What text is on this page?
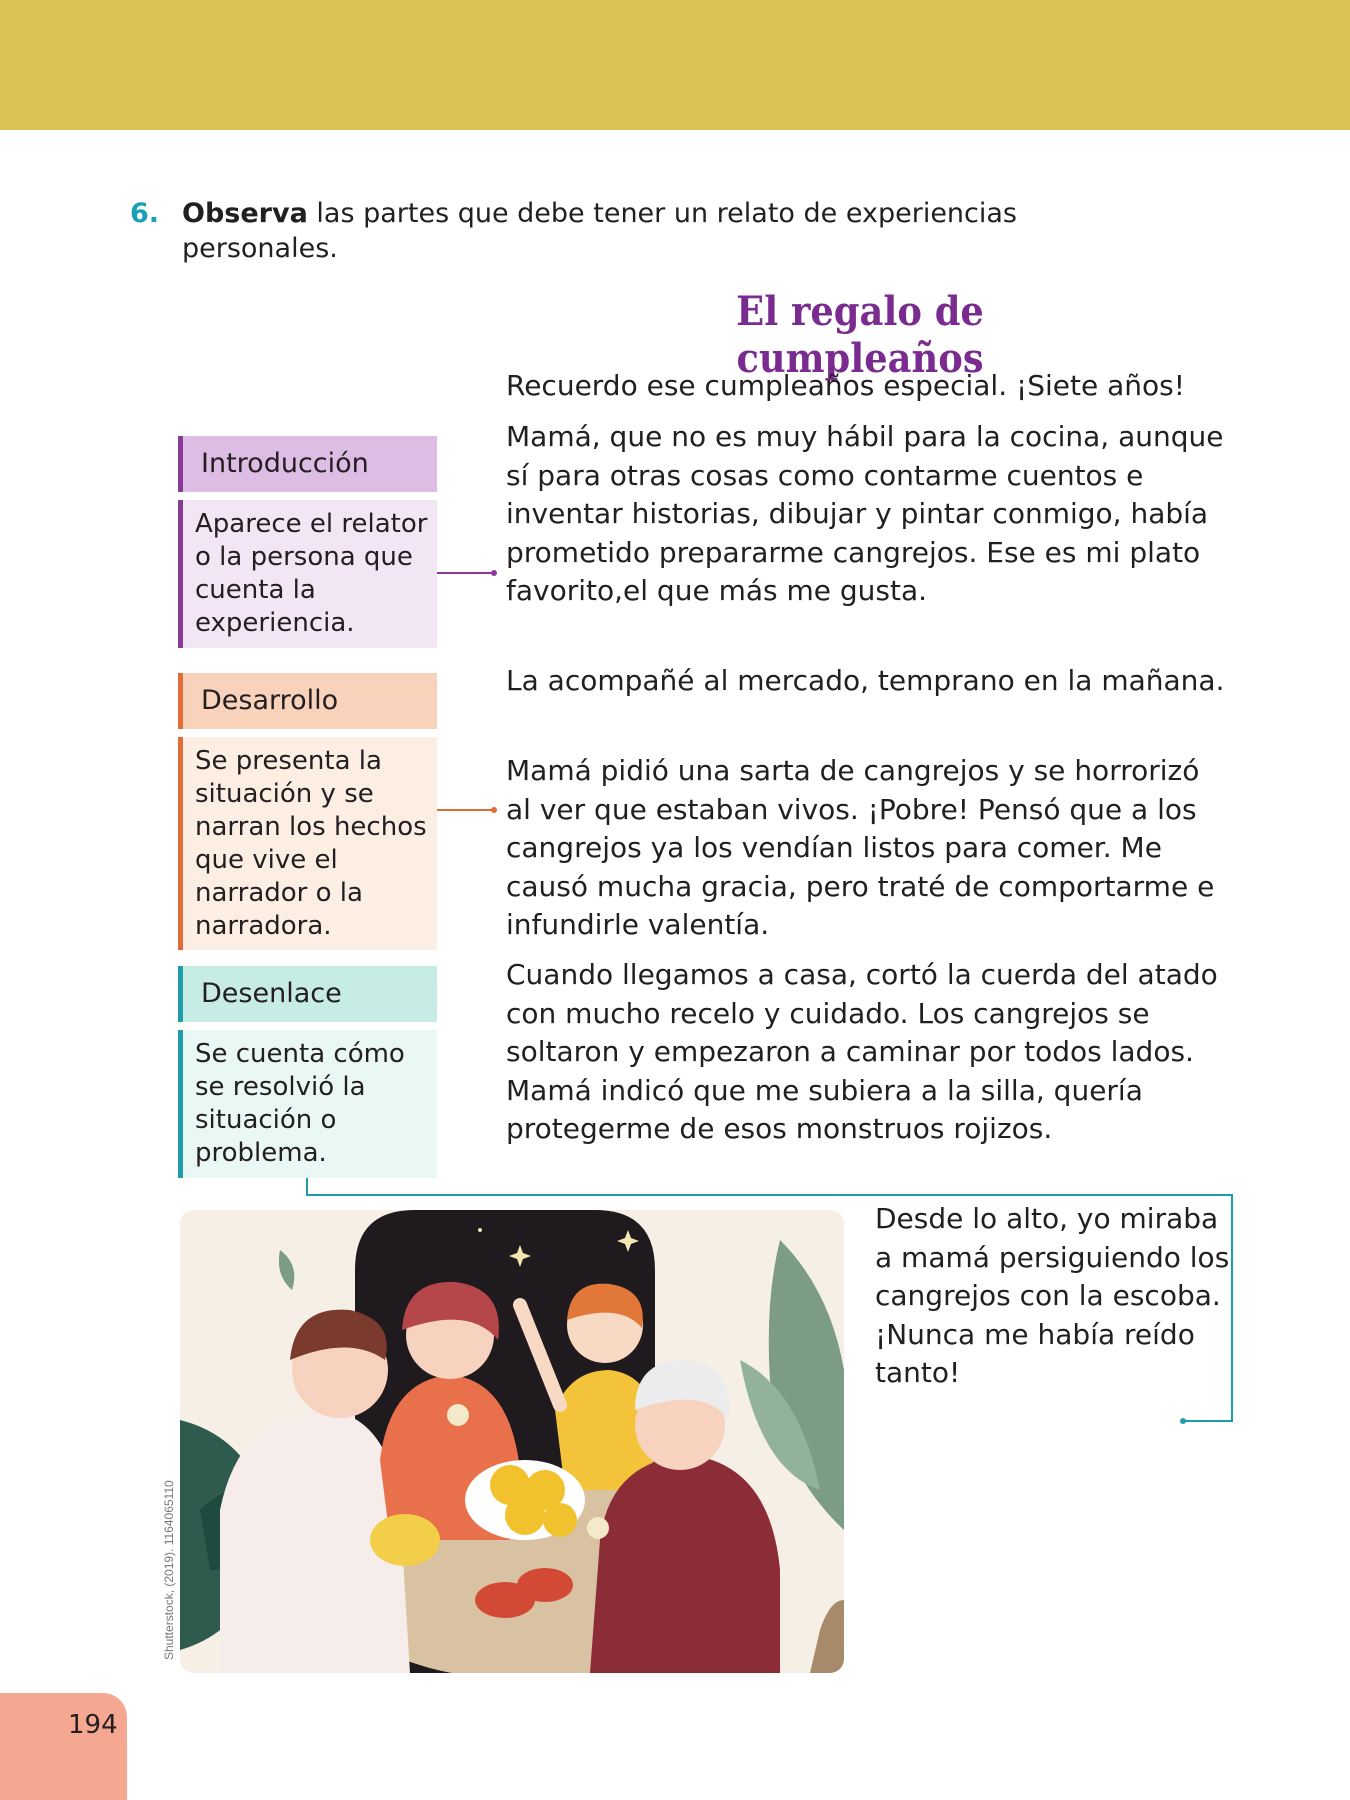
6. Observa las partes que debe tener un relato de experiencias personales.
El regalo de cumpleaños

Recuerdo ese cumpleaños especial. ¡Siete años!

Mamá, que no es muy hábil para la cocina, aunque sí para otras cosas como contarme cuentos e inventar historias, dibujar y pintar conmigo, había prometido prepararme cangrejos. Ese es mi plato favorito,el que más me gusta.

La acompañé al mercado, temprano en la mañana.

Mamá pidió una sarta de cangrejos y se horrorizó al ver que estaban vivos. ¡Pobre! Pensó que a los cangrejos ya los vendían listos para comer. Me causó mucha gracia, pero traté de comportarme e infundirle valentía.

Cuando llegamos a casa, cortó la cuerda del atado con mucho recelo y cuidado. Los cangrejos se soltaron y empezaron a caminar por todos lados. Mamá indicó que me subiera a la silla, quería protegerme de esos monstruos rojizos.

Desde lo alto, yo miraba a mamá persiguiendo los cangrejos con la escoba. ¡Nunca me había reído tanto!

Introducción
Aparece el relator o la persona que cuenta la experiencia.
Desarrollo
Se presenta la situación y se narran los hechos que vive el narrador o la narradora.
Desenlace
Se cuenta cómo se resolvió la situación o problema.
Shutterstock, (2019). 1164065110
194
